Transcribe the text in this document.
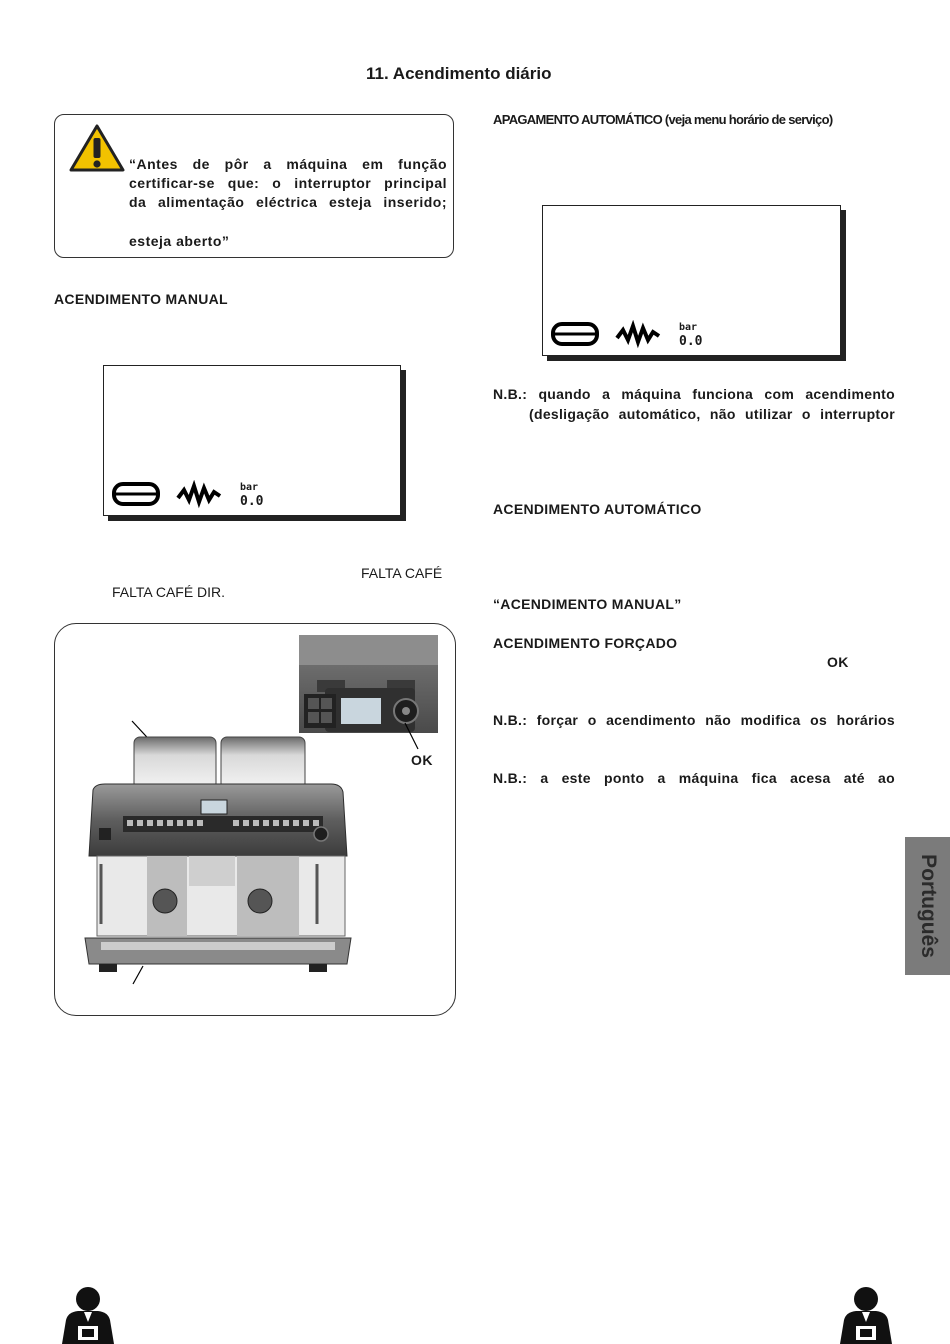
11. Acendimento diário
“Antes de pôr a máquina em função
certificar-se que: o interruptor principal
da alimentação eléctrica esteja inserido;
esteja aberto”
ACENDIMENTO MANUAL
bar
0.0
FALTA CAFÉ
FALTA CAFÉ DIR.
OK
APAGAMENTO AUTOMÁTICO (veja menu horário de serviço)
bar
0.0
N.B.: quando a máquina funciona com acendimento
(desligação automático, não utilizar o interruptor
ACENDIMENTO AUTOMÁTICO
“ACENDIMENTO MANUAL”
ACENDIMENTO FORÇADO
OK
N.B.: forçar o acendimento não modifica os horários
N.B.: a este ponto a máquina fica acesa até ao
Português
